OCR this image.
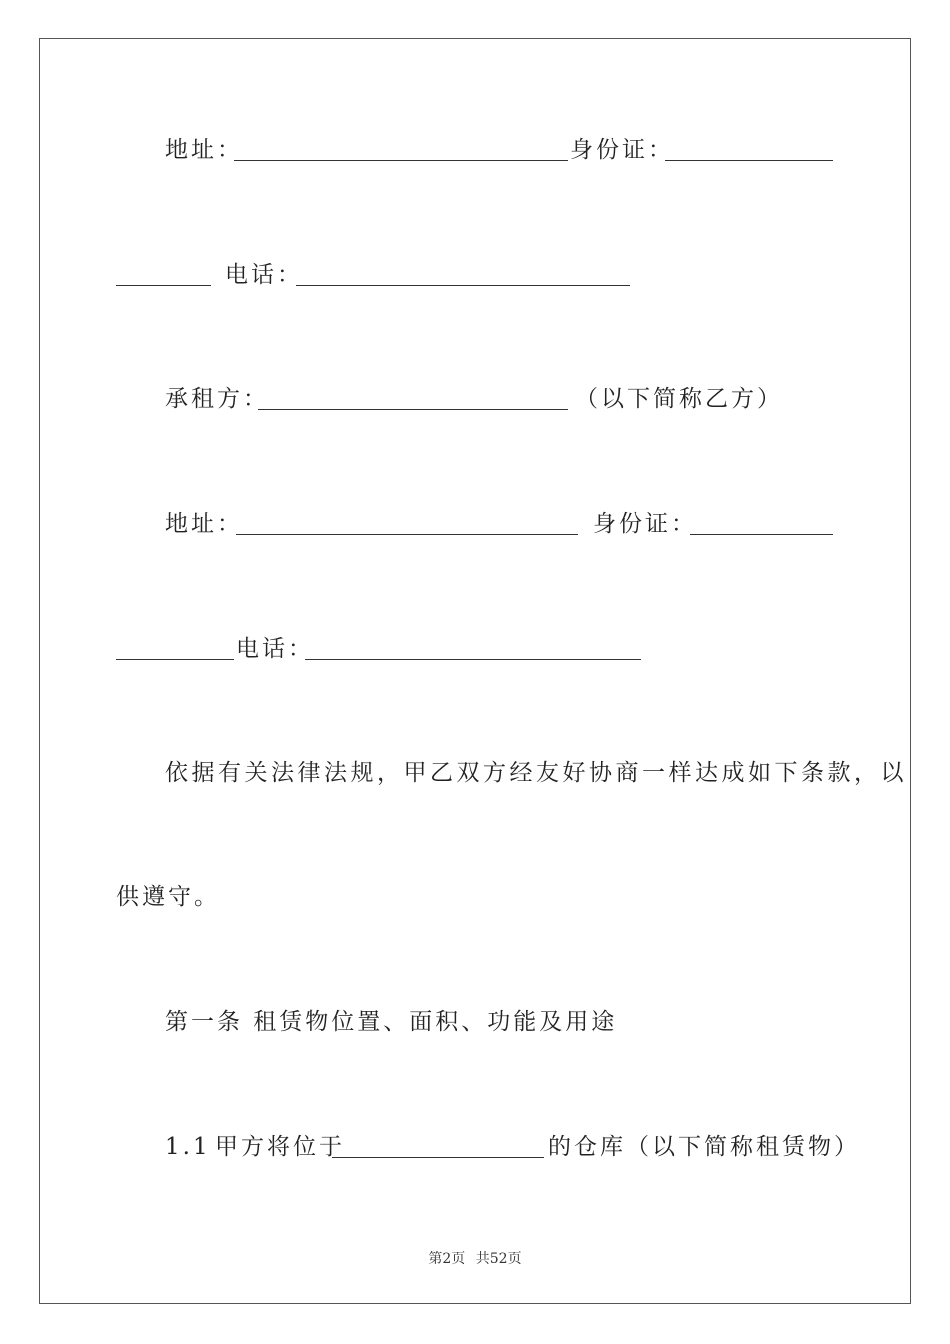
地址：	身份证：
电话：
承租方：	（以下简称乙方）
地址：	身份证：
电话：
依据有关法律法规，甲乙双方经友好协商一样达成如下条款，以
供遵守。
第一条 租赁物位置、面积、功能及用途
1.1 甲方将位于	的仓库（以下简称租赁物）
第2页 共52页
